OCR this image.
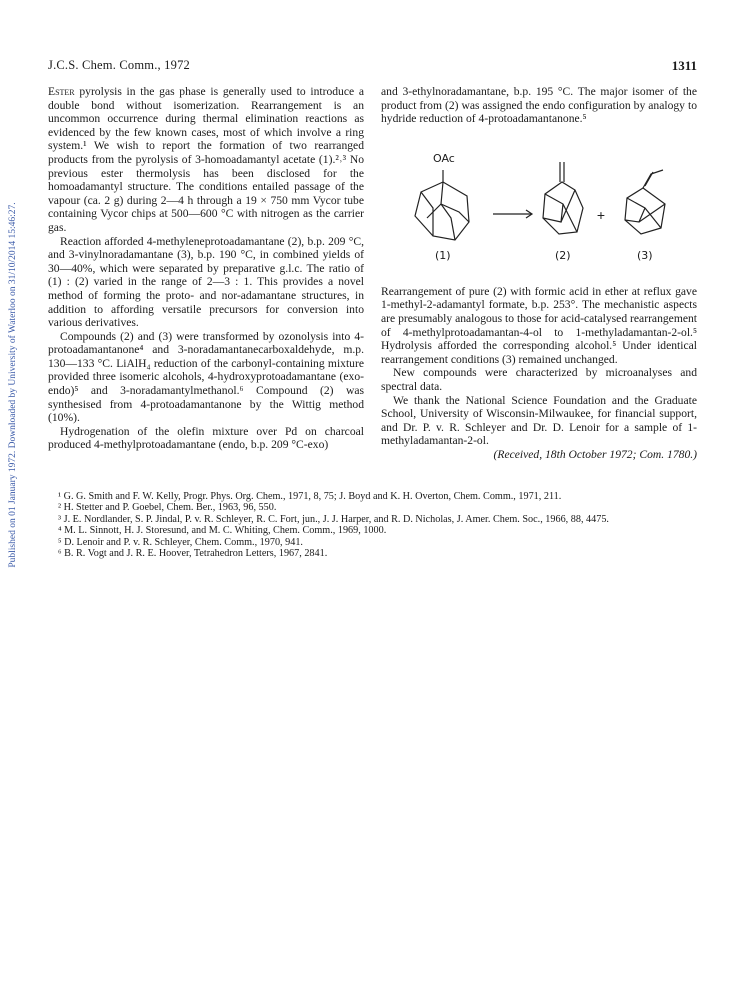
Published on 01 January 1972. Downloaded by University of Waterloo on 31/10/2014 15:46:27.
J.C.S. Chem. Comm., 1972	1311

Ester pyrolysis in the gas phase is generally used to introduce a double bond without isomerization. Rearrangement is an uncommon occurrence during thermal elimination reactions as evidenced by the few known cases, most of which involve a ring system.¹ We wish to report the formation of two rearranged products from the pyrolysis of 3-homoadamantyl acetate (1).²˒³ No previous ester thermolysis has been disclosed for the homoadamantyl structure. The conditions entailed passage of the vapour (ca. 2 g) during 2—4 h through a 19 × 750 mm Vycor tube containing Vycor chips at 500—600 °C with nitrogen as the carrier gas.

Reaction afforded 4-methyleneprotoadamantane (2), b.p. 209 °C, and 3-vinylnoradamantane (3), b.p. 190 °C, in combined yields of 30—40%, which were separated by preparative g.l.c. The ratio of (1) : (2) varied in the range of 2—3 : 1. This provides a novel method of forming the proto- and nor-adamantane structures, in addition to affording versatile precursors for conversion into various derivatives.

Compounds (2) and (3) were transformed by ozonolysis into 4-protoadamantanone⁴ and 3-noradamantanecarboxaldehyde, m.p. 130—133 °C. LiAlH₄ reduction of the carbonyl-containing mixture provided three isomeric alcohols, 4-hydroxyprotoadamantane (exo-endo)⁵ and 3-noradamantylmethanol.⁶ Compound (2) was synthesised from 4-protoadamantanone by the Wittig method (10%).

Hydrogenation of the olefin mixture over Pd on charcoal produced 4-methylprotoadamantane (endo, b.p. 209 °C-exo)

and 3-ethylnoradamantane, b.p. 195 °C. The major isomer of the product from (2) was assigned the endo configuration by analogy to hydride reduction of 4-protoadamantanone.⁵

+
OAc
(1)	(2)	(3)

Rearrangement of pure (2) with formic acid in ether at reflux gave 1-methyl-2-adamantyl formate, b.p. 253°. The mechanistic aspects are presumably analogous to those for acid-catalysed rearrangement of 4-methylprotoadamantan-4-ol to 1-methyladamantan-2-ol.⁵ Hydrolysis afforded the corresponding alcohol.⁵ Under identical rearrangement conditions (3) remained unchanged.

New compounds were characterized by microanalyses and spectral data.

We thank the National Science Foundation and the Graduate School, University of Wisconsin-Milwaukee, for financial support, and Dr. P. v. R. Schleyer and Dr. D. Lenoir for a sample of 1-methyladamantan-2-ol.

(Received, 18th October 1972; Com. 1780.)

¹ G. G. Smith and F. W. Kelly, Progr. Phys. Org. Chem., 1971, 8, 75; J. Boyd and K. H. Overton, Chem. Comm., 1971, 211.
² H. Stetter and P. Goebel, Chem. Ber., 1963, 96, 550.
³ J. E. Nordlander, S. P. Jindal, P. v. R. Schleyer, R. C. Fort, jun., J. J. Harper, and R. D. Nicholas, J. Amer. Chem. Soc., 1966, 88, 4475.
⁴ M. L. Sinnott, H. J. Storesund, and M. C. Whiting, Chem. Comm., 1969, 1000.
⁵ D. Lenoir and P. v. R. Schleyer, Chem. Comm., 1970, 941.
⁶ B. R. Vogt and J. R. E. Hoover, Tetrahedron Letters, 1967, 2841.
